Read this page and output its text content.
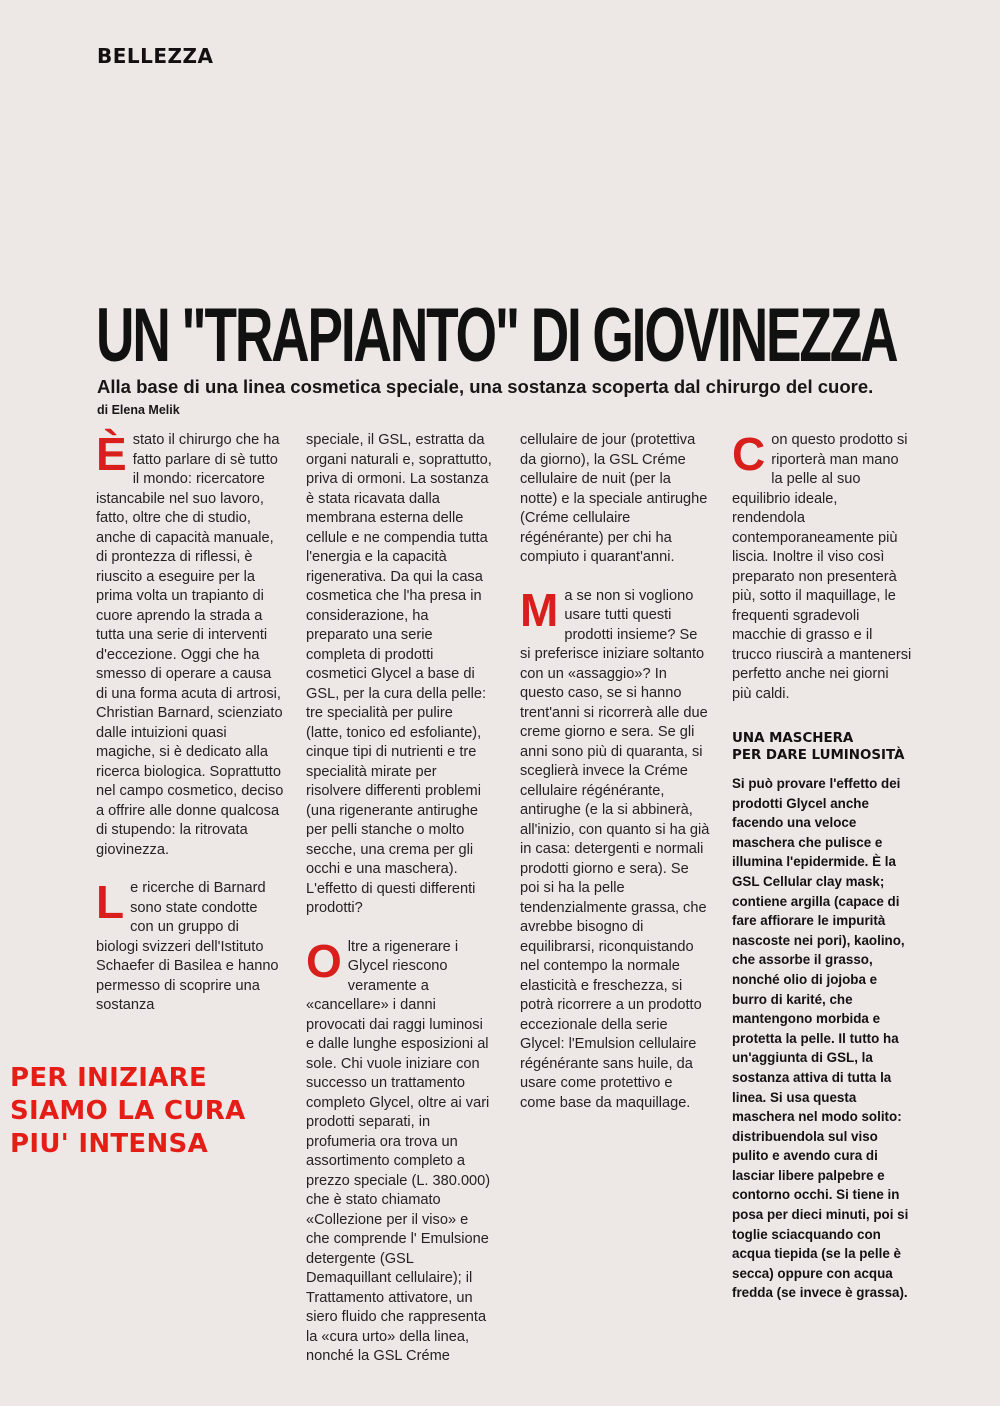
BELLEZZA
UN "TRAPIANTO" DI GIOVINEZZA
Alla base di una linea cosmetica speciale, una sostanza scoperta dal chirurgo del cuore.
di Elena Melik

Èstato il chirurgo che ha fatto parlare di sè tutto il mondo: ricercatore istancabile nel suo lavoro, fatto, oltre che di studio, anche di capacità manuale, di prontezza di riflessi, è riuscito a eseguire per la prima volta un trapianto di cuore aprendo la strada a tutta una serie di interventi d'eccezione. Oggi che ha smesso di operare a causa di una forma acuta di artrosi, Christian Barnard, scienziato dalle intuizioni quasi magiche, si è dedicato alla ricerca biologica. Soprattutto nel campo cosmetico, deciso a offrire alle donne qualcosa di stupendo: la ritrovata giovinezza.

Le ricerche di Barnard sono state condotte con un gruppo di biologi svizzeri dell'Istituto Schaefer di Basilea e hanno permesso di scoprire una sostanza

speciale, il GSL, estratta da organi naturali e, soprattutto, priva di ormoni. La sostanza è stata ricavata dalla membrana esterna delle cellule e ne compendia tutta l'energia e la capacità rigenerativa. Da qui la casa cosmetica che l'ha presa in considerazione, ha preparato una serie completa di prodotti cosmetici Glycel a base di GSL, per la cura della pelle: tre specialità per pulire (latte, tonico ed esfoliante), cinque tipi di nutrienti e tre specialità mirate per risolvere differenti problemi (una rigenerante antirughe per pelli stanche o molto secche, una crema per gli occhi e una maschera). L'effetto di questi differenti prodotti?

Oltre a rigenerare i Glycel riescono veramente a «cancellare» i danni provocati dai raggi luminosi e dalle lunghe esposizioni al sole. Chi vuole iniziare con successo un trattamento completo Glycel, oltre ai vari prodotti separati, in profumeria ora trova un assortimento completo a prezzo speciale (L. 380.000) che è stato chiamato «Collezione per il viso» e che comprende l' Emulsione detergente (GSL Demaquillant cellulaire); il Trattamento attivatore, un siero fluido che rappresenta la «cura urto» della linea, nonché la GSL Créme

cellulaire de jour (protettiva da giorno), la GSL Créme cellulaire de nuit (per la notte) e la speciale antirughe (Créme cellulaire régénérante) per chi ha compiuto i quarant'anni.

Ma se non si vogliono usare tutti questi prodotti insieme? Se si preferisce iniziare soltanto con un «assaggio»? In questo caso, se si hanno trent'anni si ricorrerà alle due creme giorno e sera. Se gli anni sono più di quaranta, si sceglierà invece la Créme cellulaire régénérante, antirughe (e la si abbinerà, all'inizio, con quanto si ha già in casa: detergenti e normali prodotti giorno e sera). Se poi si ha la pelle tendenzialmente grassa, che avrebbe bisogno di equilibrarsi, riconquistando nel contempo la normale elasticità e freschezza, si potrà ricorrere a un prodotto eccezionale della serie Glycel: l'Emulsion cellulaire régénérante sans huile, da usare come protettivo e come base da maquillage.

Con questo prodotto si riporterà man mano la pelle al suo equilibrio ideale, rendendola contemporaneamente più liscia. Inoltre il viso così preparato non presenterà più, sotto il maquillage, le frequenti sgradevoli macchie di grasso e il trucco riuscirà a mantenersi perfetto anche nei giorni più caldi.

UNA MASCHERA
PER DARE LUMINOSITÀ
Si può provare l'effetto dei prodotti Glycel anche facendo una veloce maschera che pulisce e illumina l'epidermide. È la GSL Cellular clay mask; contiene argilla (capace di fare affiorare le impurità nascoste nei pori), kaolino, che assorbe il grasso, nonché olio di jojoba e burro di karité, che mantengono morbida e protetta la pelle. Il tutto ha un'aggiunta di GSL, la sostanza attiva di tutta la linea. Si usa questa maschera nel modo solito: distribuendola sul viso pulito e avendo cura di lasciar libere palpebre e contorno occhi. Si tiene in posa per dieci minuti, poi si toglie sciacquando con acqua tiepida (se la pelle è secca) oppure con acqua fredda (se invece è grassa).
PER INIZIARE
SIAMO LA CURA
PIU' INTENSA
